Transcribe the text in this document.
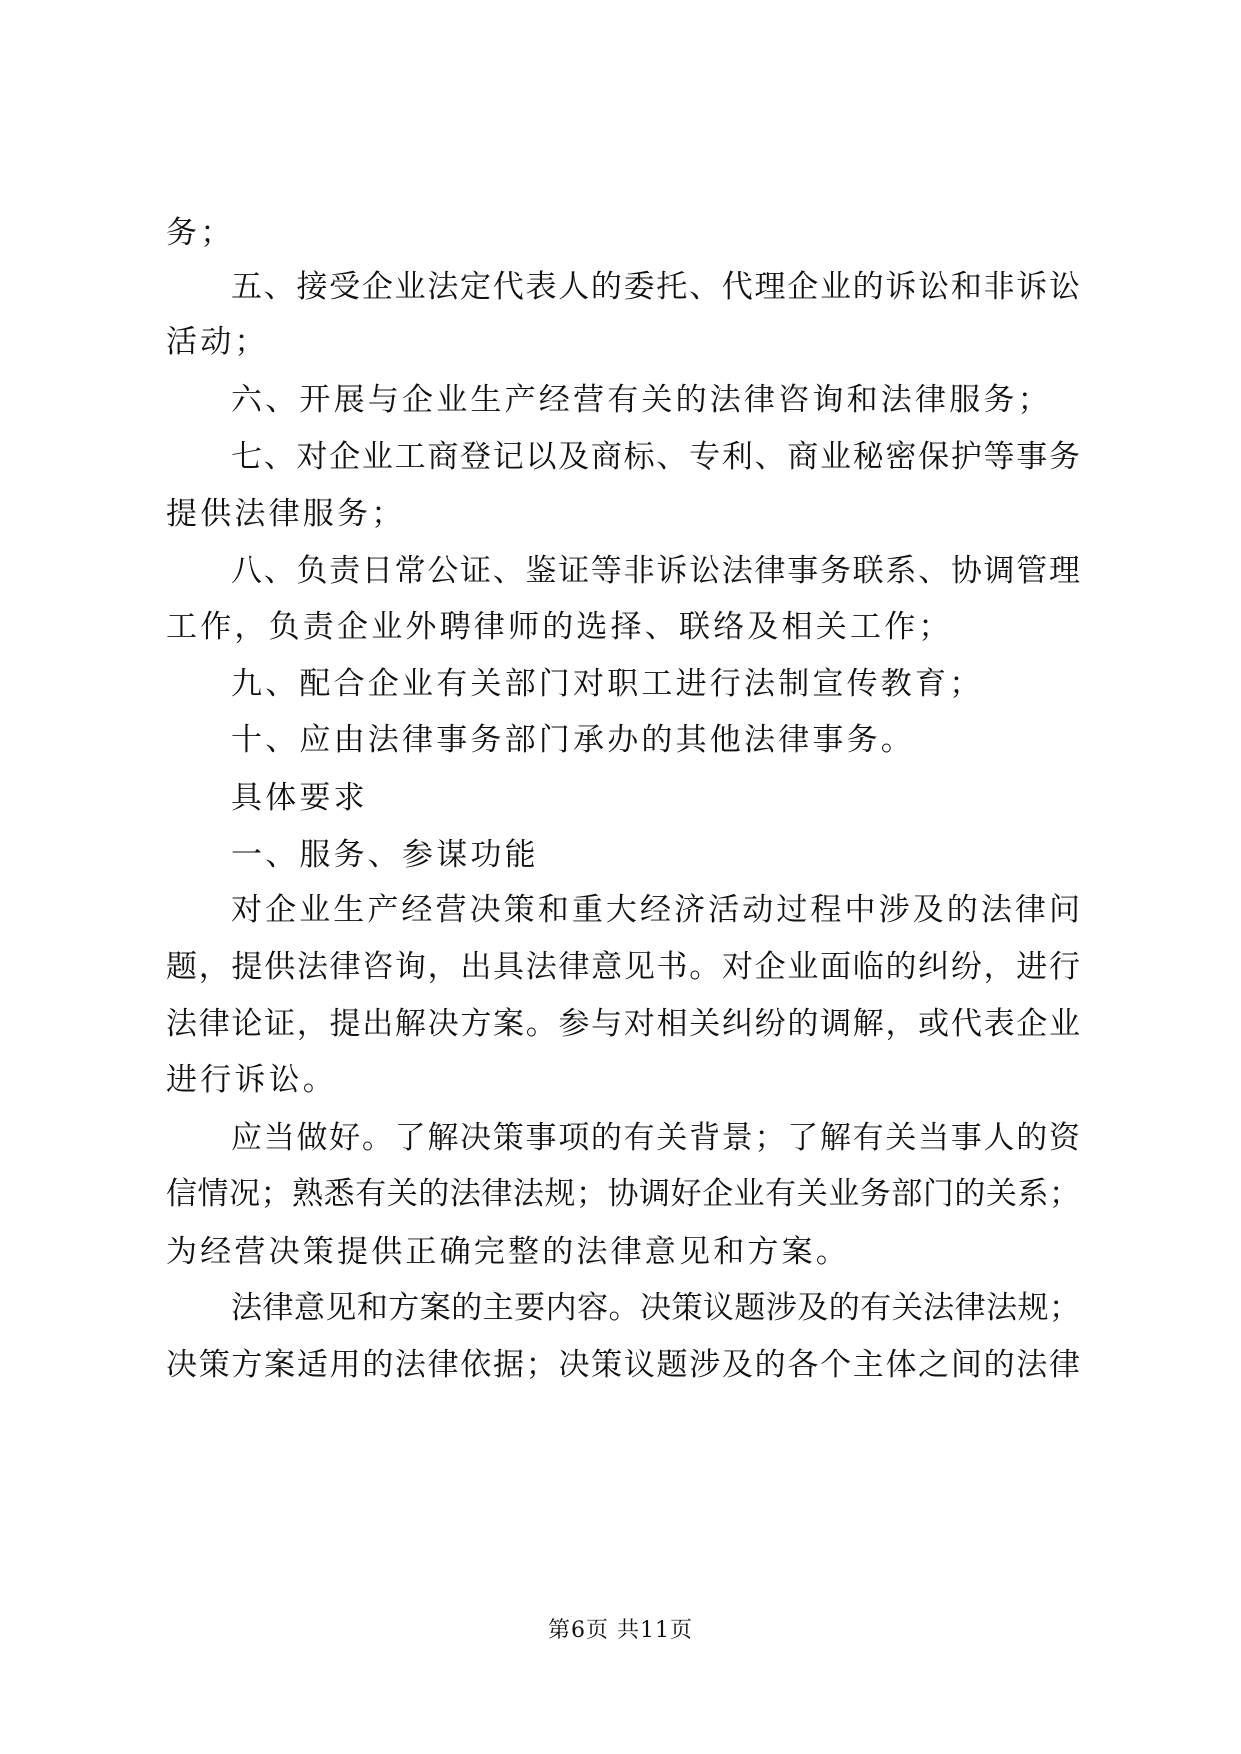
务；
五、接受企业法定代表人的委托、代理企业的诉讼和非诉讼
活动；
六、开展与企业生产经营有关的法律咨询和法律服务；
七、对企业工商登记以及商标、专利、商业秘密保护等事务
提供法律服务；
八、负责日常公证、鉴证等非诉讼法律事务联系、协调管理
工作，负责企业外聘律师的选择、联络及相关工作；
九、配合企业有关部门对职工进行法制宣传教育；
十、应由法律事务部门承办的其他法律事务。
具体要求
一、服务、参谋功能
对企业生产经营决策和重大经济活动过程中涉及的法律问
题，提供法律咨询，出具法律意见书。对企业面临的纠纷，进行
法律论证，提出解决方案。参与对相关纠纷的调解，或代表企业
进行诉讼。
应当做好。了解决策事项的有关背景；了解有关当事人的资
信情况；熟悉有关的法律法规；协调好企业有关业务部门的关系；
为经营决策提供正确完整的法律意见和方案。
法律意见和方案的主要内容。决策议题涉及的有关法律法规；
决策方案适用的法律依据；决策议题涉及的各个主体之间的法律
第6页 共11页
